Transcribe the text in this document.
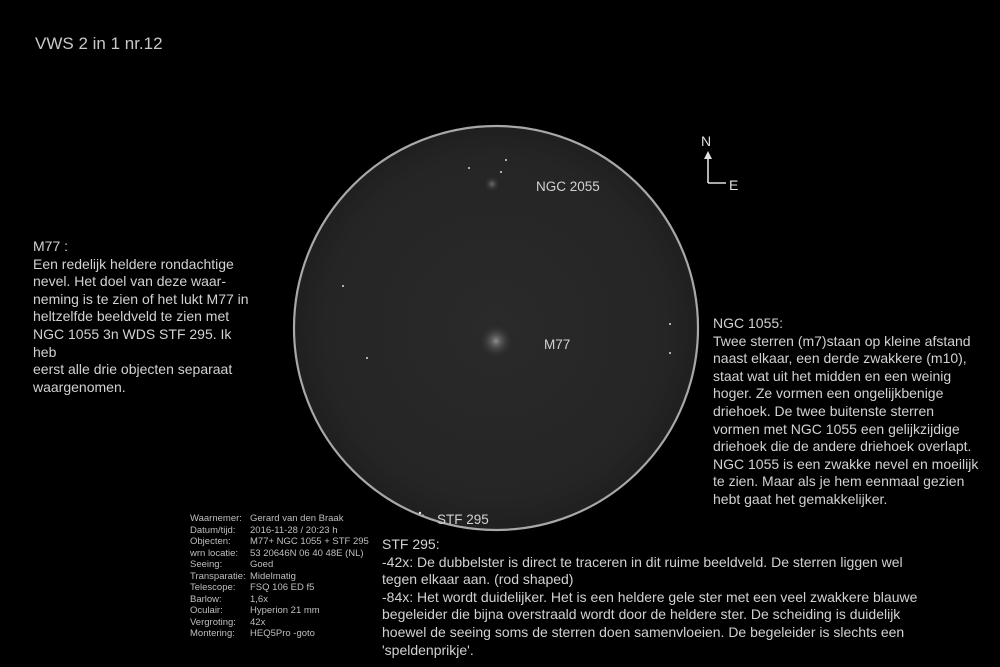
VWS 2 in 1 nr.12
NGC 2055
M77
STF 295
N
E
M77 :
Een redelijk heldere rondachtige
nevel. Het doel van deze waar-
neming is te zien of het lukt M77 in
heltzelfde beeldveld te zien met
NGC 1055 3n WDS STF 295. Ik heb
eerst alle drie objecten separaat
waargenomen.
NGC 1055:
Twee sterren (m7)staan op kleine afstand
naast elkaar, een derde zwakkere (m10),
staat wat uit het midden en een weinig
hoger. Ze vormen een ongelijkbenige
driehoek. De twee buitenste sterren
vormen met NGC 1055 een gelijkzijdige
driehoek die de andere driehoek overlapt.
NGC 1055 is een zwakke nevel en moeilijk
te zien. Maar als je hem eenmaal gezien
hebt gaat het gemakkelijker.
STF 295:
-42x: De dubbelster is direct te traceren in dit ruime beeldveld. De sterren liggen wel
tegen elkaar aan. (rod shaped)
-84x: Het wordt duidelijker. Het is een heldere gele ster met een veel zwakkere blauwe
begeleider die bijna overstraald wordt door de heldere ster. De scheiding is duidelijk
hoewel de seeing soms de sterren doen samenvloeien. De begeleider is slechts een
'speldenprikje'.
Waarnemer: Gerard van den Braak
Datum/tijd:	2016-11-28 / 20:23 h
Objecten:	M77+ NGC 1055 + STF 295
wrn locatie:	53 20646N 06 40 48E (NL)
Seeing:	Goed
Transparatie: Midelmatig
Telescope:	FSQ 106 ED f5
Barlow:	1,6x
Oculair:	Hyperion 21 mm
Vergroting:	42x
Montering:	HEQ5Pro -goto
